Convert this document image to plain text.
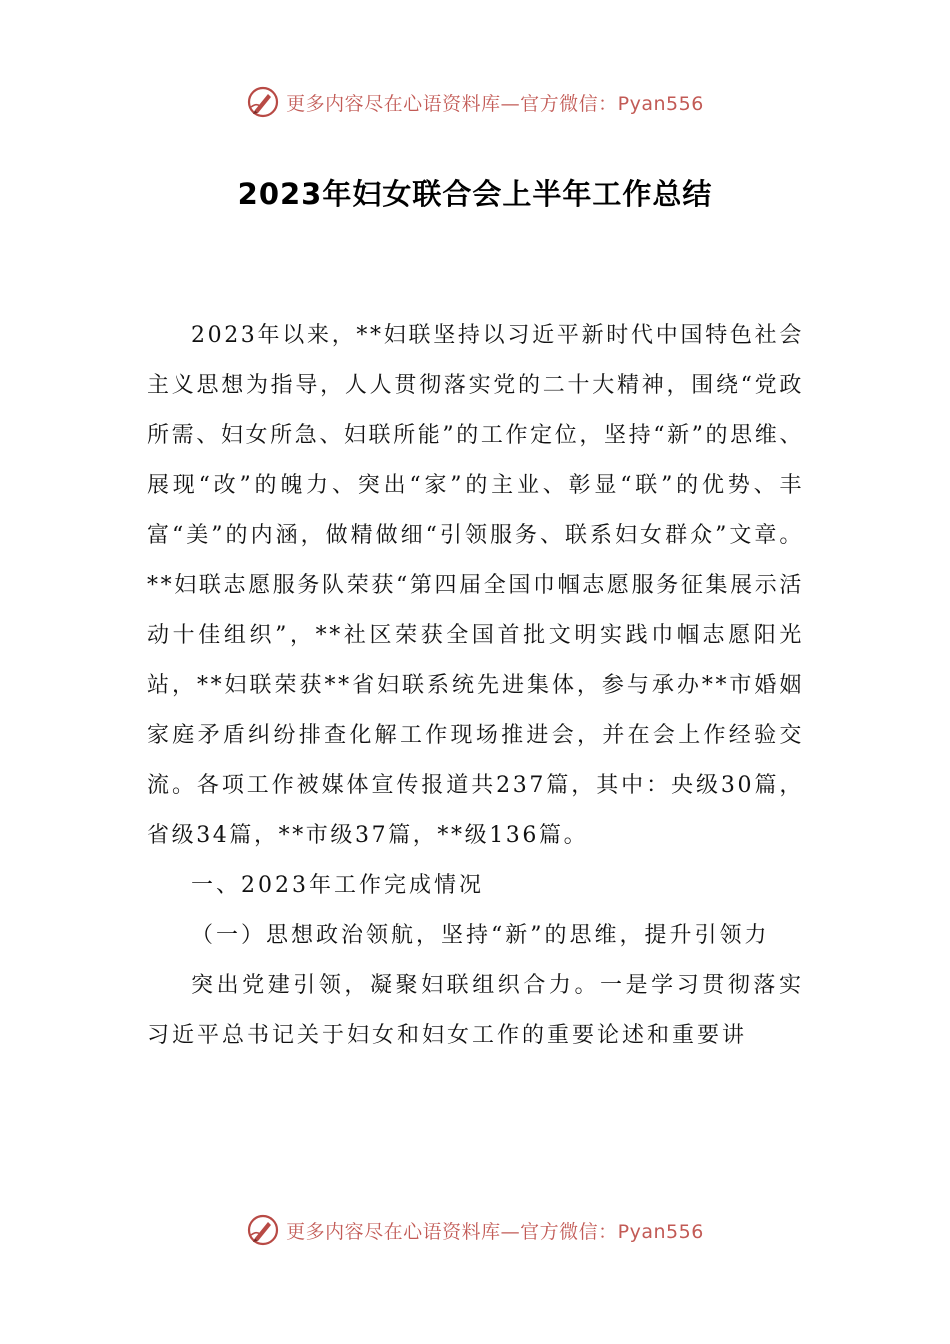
更多内容尽在心语资料库—官方微信：Pyan556
2023年妇女联合会上半年工作总结

2023年以来，**妇联坚持以习近平新时代中国特色社会主义思想为指导，人人贯彻落实党的二十大精神，围绕“党政所需、妇女所急、妇联所能”的工作定位，坚持“新”的思维、展现“改”的魄力、突出“家”的主业、彰显“联”的优势、丰富“美”的内涵，做精做细“引领服务、联系妇女群众”文章。**妇联志愿服务队荣获“第四届全国巾帼志愿服务征集展示活动十佳组织”，**社区荣获全国首批文明实践巾帼志愿阳光站，**妇联荣获**省妇联系统先进集体，参与承办**市婚姻家庭矛盾纠纷排查化解工作现场推进会，并在会上作经验交流。各项工作被媒体宣传报道共237篇，其中：央级30篇，省级34篇，**市级37篇，**级136篇。

一、2023年工作完成情况

（一）思想政治领航，坚持“新”的思维，提升引领力

突出党建引领，凝聚妇联组织合力。一是学习贯彻落实习近平总书记关于妇女和妇女工作的重要论述和重要讲

更多内容尽在心语资料库—官方微信：Pyan556
